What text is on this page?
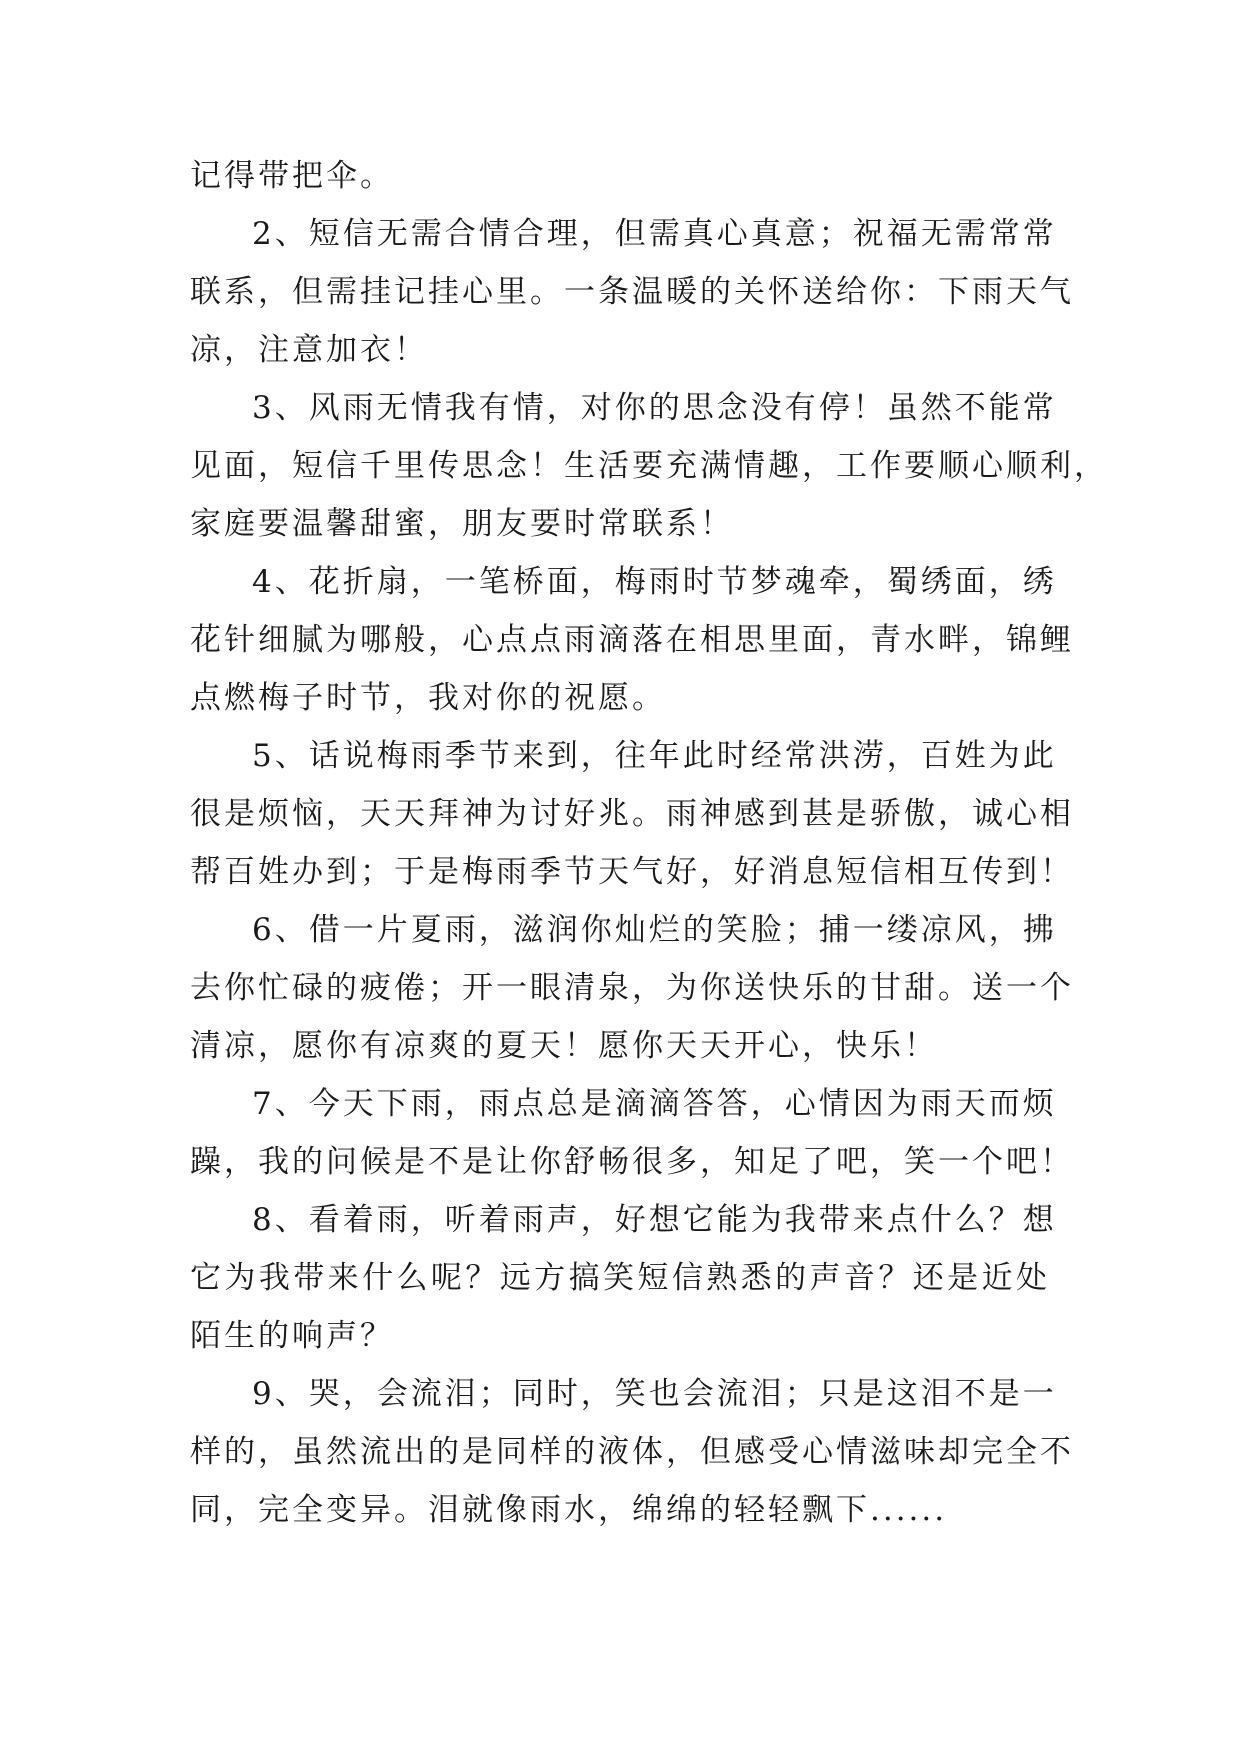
记得带把伞。

2、短信无需合情合理，但需真心真意；祝福无需常常
联系，但需挂记挂心里。一条温暖的关怀送给你：下雨天气
凉，注意加衣！

3、风雨无情我有情，对你的思念没有停！虽然不能常
见面，短信千里传思念！生活要充满情趣，工作要顺心顺利，
家庭要温馨甜蜜，朋友要时常联系！

4、花折扇，一笔桥面，梅雨时节梦魂牵，蜀绣面，绣
花针细腻为哪般，心点点雨滴落在相思里面，青水畔，锦鲤
点燃梅子时节，我对你的祝愿。

5、话说梅雨季节来到，往年此时经常洪涝，百姓为此
很是烦恼，天天拜神为讨好兆。雨神感到甚是骄傲，诚心相
帮百姓办到；于是梅雨季节天气好，好消息短信相互传到！

6、借一片夏雨，滋润你灿烂的笑脸；捕一缕凉风，拂
去你忙碌的疲倦；开一眼清泉，为你送快乐的甘甜。送一个
清凉，愿你有凉爽的夏天！愿你天天开心，快乐！

7、今天下雨，雨点总是滴滴答答，心情因为雨天而烦
躁，我的问候是不是让你舒畅很多，知足了吧，笑一个吧！

8、看着雨，听着雨声，好想它能为我带来点什么？想
它为我带来什么呢？远方搞笑短信熟悉的声音？还是近处
陌生的响声？

9、哭，会流泪；同时，笑也会流泪；只是这泪不是一
样的，虽然流出的是同样的液体，但感受心情滋味却完全不
同，完全变异。泪就像雨水，绵绵的轻轻飘下......
